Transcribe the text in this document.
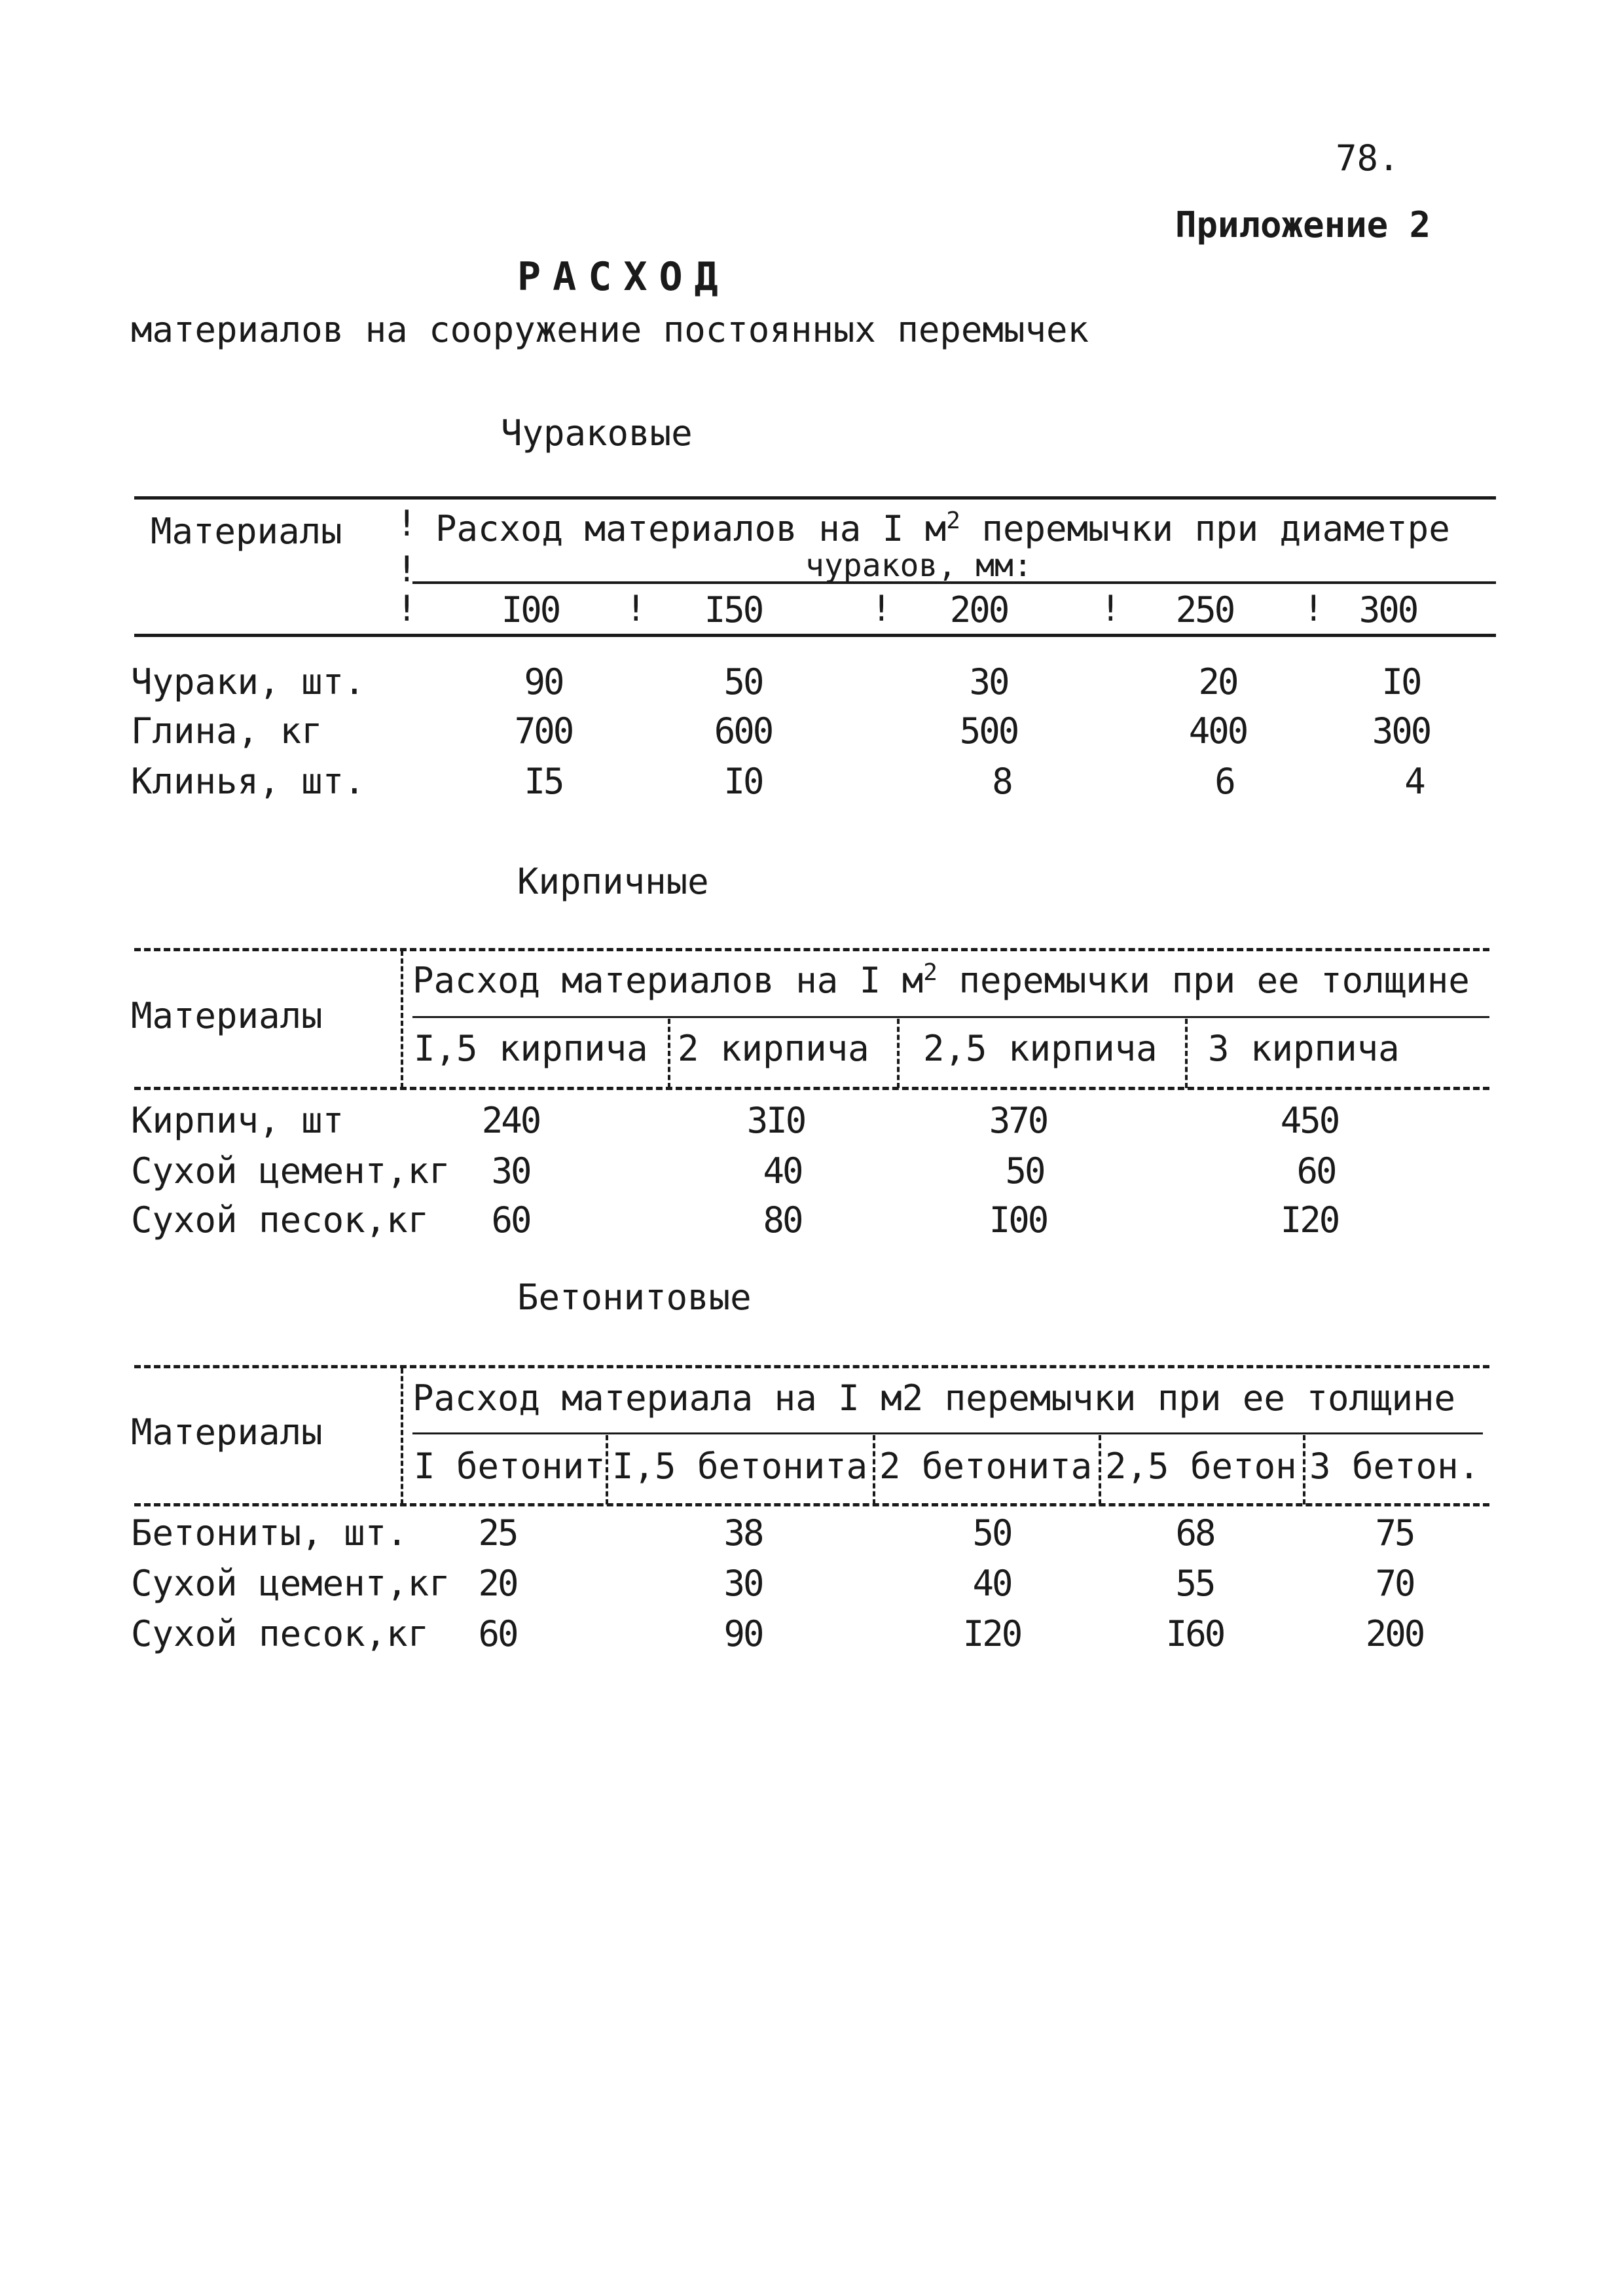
78.
Приложение 2
РАСХОД
материалов на сооружение постоянных перемычек
Чураковые
Материалы !
!
Расход материалов на I $м^2$ перемычки при диаметре
чураков, мм:
!	I00	!	I50	!	200	!	250	! 300
Чураки, шт.	90	50	30	20	I0
Глина, кг	700	600	500	400	300
Клинья, шт.	I5	I0	8	6	4
Кирпичные
Материалы
Расход материалов на I $м^2$ перемычки при ее толщине
I,5 кирпича 2 кирпича 2,5 кирпича 3 кирпича
Кирпич, шт	240	3I0	370	450
Сухой цемент,кг	30	40	50	60
Сухой песок,кг	60	80	I00	I20
Бетонитовые
Материалы
Расход материала на I м2 перемычки при ее толщине
I бетонит I,5 бетонита 2 бетонита 2,5 бетон 3 бетон.
Бетониты, шт.	25	38	50	68	75
Сухой цемент,кг 20	30	40	55	70
Сухой песок,кг	60	90	I20	I60	200
